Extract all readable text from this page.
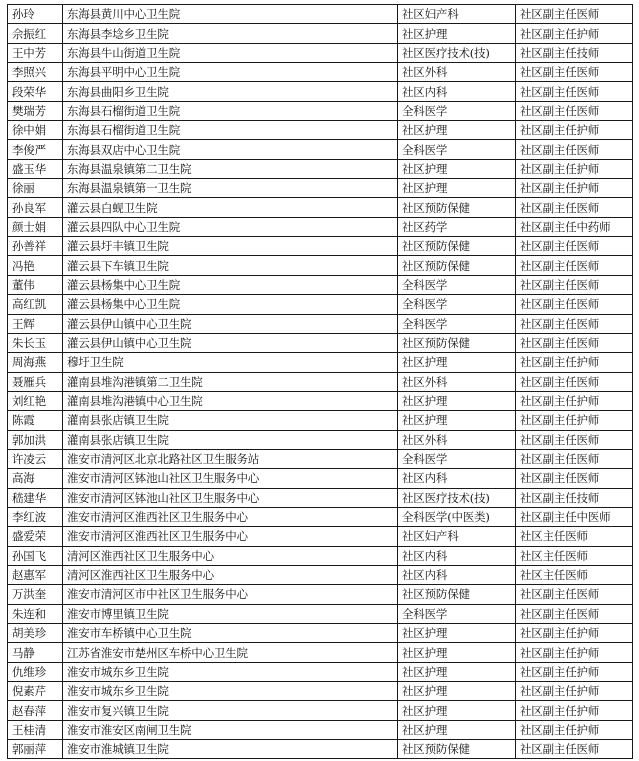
孙玲	东海县黄川中心卫生院	社区妇产科	社区副主任医师
佘振红	东海县李埝乡卫生院	社区护理	社区副主任护师
王中芳	东海县牛山街道卫生院	社区医疗技术(技)	社区副主任技师
李照兴	东海县平明中心卫生院	社区外科	社区副主任医师
段荣华	东海县曲阳乡卫生院	社区内科	社区副主任医师
樊瑞芳	东海县石榴街道卫生院	全科医学	社区副主任医师
徐中娟	东海县石榴街道卫生院	社区护理	社区副主任护师
李俊严	东海县双店中心卫生院	全科医学	社区副主任医师
盛玉华	东海县温泉镇第二卫生院	社区护理	社区副主任护师
徐丽	东海县温泉镇第一卫生院	社区护理	社区副主任护师
孙良军	灌云县白蚬卫生院	社区预防保健	社区副主任医师
颜士娟	灌云县四队中心卫生院	社区药学	社区副主任中药师
孙善祥	灌云县圩丰镇卫生院	社区预防保健	社区副主任医师
冯艳	灌云县下车镇卫生院	社区预防保健	社区副主任医师
董伟	灌云县杨集中心卫生院	全科医学	社区副主任医师
高红凯	灌云县杨集中心卫生院	全科医学	社区副主任医师
王辉	灌云县伊山镇中心卫生院	全科医学	社区副主任医师
朱长玉	灌云县伊山镇中心卫生院	社区预防保健	社区副主任医师
周海燕	穆圩卫生院	社区护理	社区副主任护师
聂雁兵	灌南县堆沟港镇第二卫生院	社区外科	社区副主任医师
刘红艳	灌南县堆沟港镇中心卫生院	社区护理	社区副主任护师
陈霞	灌南县张店镇卫生院	社区护理	社区副主任护师
郭加洪	灌南县张店镇卫生院	社区外科	社区副主任医师
许凌云	淮安市清河区北京北路社区卫生服务站	全科医学	社区副主任医师
高海	淮安市清河区钵池山社区卫生服务中心	社区内科	社区副主任医师
嵇建华	淮安市清河区钵池山社区卫生服务中心	社区医疗技术(技)	社区副主任技师
李红波	淮安市清河区淮西社区卫生服务中心	全科医学(中医类)	社区副主任中医师
盛爱荣	淮安市清河区淮西社区卫生服务中心	社区妇产科	社区主任医师
孙国飞	清河区淮西社区卫生服务中心	社区内科	社区主任医师
赵惠军	清河区淮西社区卫生服务中心	社区内科	社区主任医师
万洪奎	淮安市清河区市中社区卫生服务中心	社区预防保健	社区副主任医师
朱连和	淮安市博里镇卫生院	全科医学	社区副主任医师
胡美珍	淮安市车桥镇中心卫生院	社区护理	社区副主任护师
马静	江苏省淮安市楚州区车桥中心卫生院	社区护理	社区副主任护师
仇维珍	淮安市城东乡卫生院	社区护理	社区副主任护师
倪素芹	淮安市城东乡卫生院	社区护理	社区副主任护师
赵春萍	淮安市复兴镇卫生院	社区护理	社区副主任护师
王桂清	淮安市淮安区南闸卫生院	社区护理	社区副主任护师
郭丽萍	淮安市淮城镇卫生院	社区预防保健	社区副主任医师
